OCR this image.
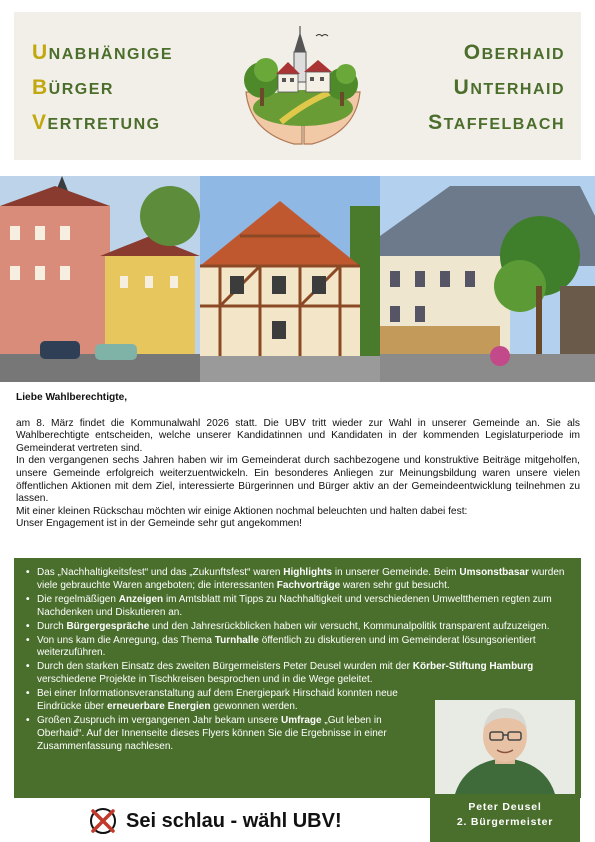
UNABHÄNGIGE
BÜRGER
VERTRETUNG
OBERHAID
UNTERHAID
STAFFELBACH

Liebe Wahlberechtigte,

am 8. März findet die Kommunalwahl 2026 statt. Die UBV tritt wieder zur Wahl in unserer Gemeinde an. Sie als Wahlberechtigte entscheiden, welche unserer Kandidatinnen und Kandidaten in der kommenden Legislaturperiode im Gemeinderat vertreten sind.

In den vergangenen sechs Jahren haben wir im Gemeinderat durch sachbezogene und konstruktive Beiträge mitgeholfen, unsere Gemeinde erfolgreich weiterzuentwickeln. Ein besonderes Anliegen zur Meinungsbildung waren unsere vielen öffentlichen Aktionen mit dem Ziel, interessierte Bürgerinnen und Bürger aktiv an der Gemeindeentwicklung teilnehmen zu lassen.

Mit einer kleinen Rückschau möchten wir einige Aktionen nochmal beleuchten und halten dabei fest:

Unser Engagement ist in der Gemeinde sehr gut angekommen!

• Das „Nachhaltigkeitsfest“ und das „Zukunftsfest“ waren Highlights in unserer Gemeinde. Beim Umsonstbasar wurden viele gebrauchte Waren angeboten; die interessanten Fachvorträge waren sehr gut besucht.
• Die regelmäßigen Anzeigen im Amtsblatt mit Tipps zu Nachhaltigkeit und verschiedenen Umweltthemen regten zum Nachdenken und Diskutieren an.
• Durch Bürgergespräche und den Jahresrückblicken haben wir versucht, Kommunalpolitik transparent aufzuzeigen.
• Von uns kam die Anregung, das Thema Turnhalle öffentlich zu diskutieren und im Gemeinderat lösungsorientiert weiterzuführen.
• Durch den starken Einsatz des zweiten Bürgermeisters Peter Deusel wurden mit der Körber-Stiftung Hamburg verschiedene Projekte in Tischkreisen besprochen und in die Wege geleitet.
• Bei einer Informationsveranstaltung auf dem Energiepark Hirschaid konnten neue Eindrücke über erneuerbare Energien gewonnen werden.
• Großen Zuspruch im vergangenen Jahr bekam unsere Umfrage „Gut leben in Oberhaid“. Auf der Innenseite dieses Flyers können Sie die Ergebnisse in einer Zusammenfassung nachlesen.
Peter Deusel
2. Bürgermeister
Sei schlau - wähl UBV!
